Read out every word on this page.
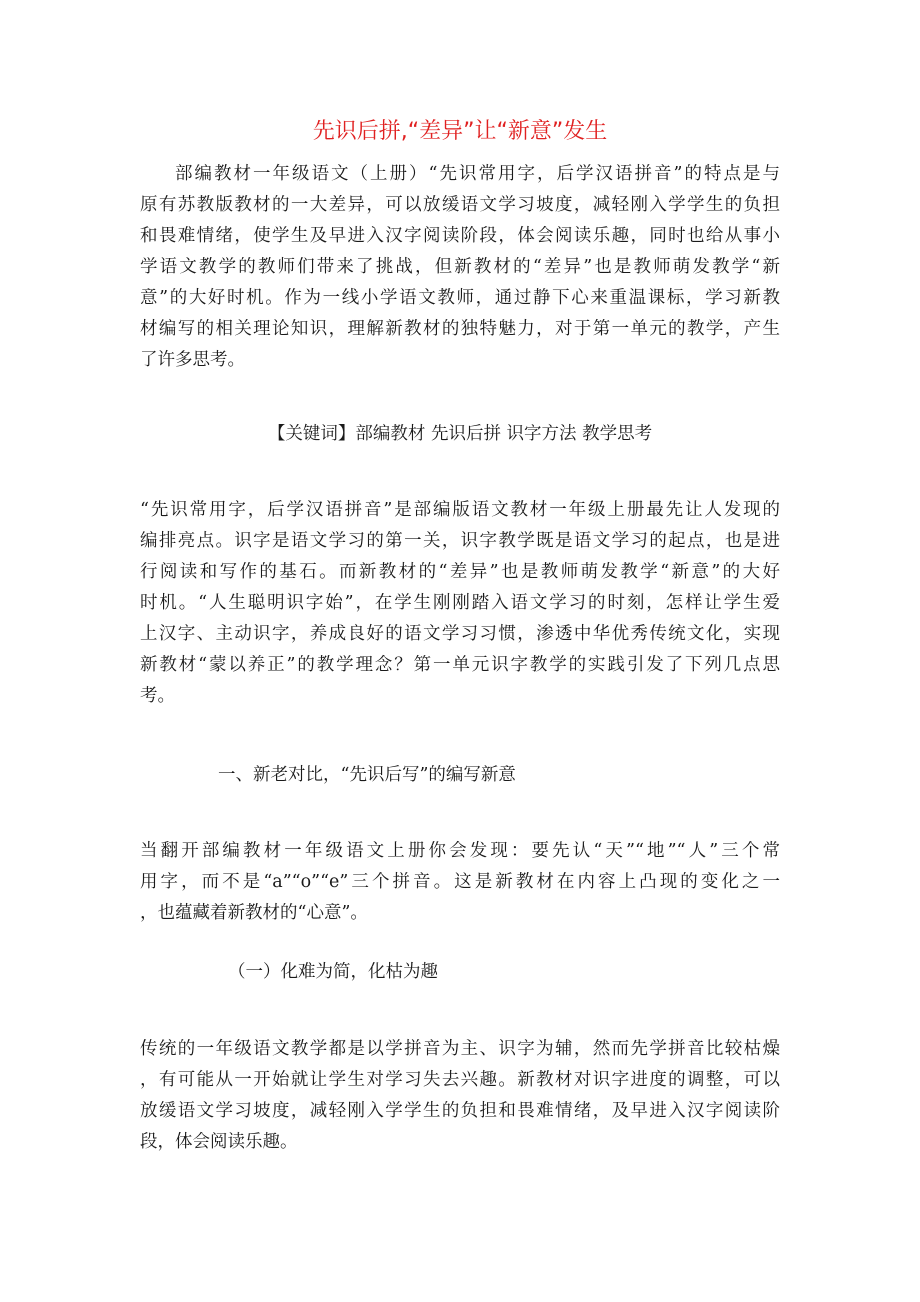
先识后拼,“差异”让“新意”发生
部编教材一年级语文（上册）“先识常用字，后学汉语拼音”的特点是与
原有苏教版教材的一大差异，可以放缓语文学习坡度，减轻刚入学学生的负担
和畏难情绪，使学生及早进入汉字阅读阶段，体会阅读乐趣，同时也给从事小
学语文教学的教师们带来了挑战，但新教材的“差异”也是教师萌发教学“新
意”的大好时机。作为一线小学语文教师，通过静下心来重温课标，学习新教
材编写的相关理论知识，理解新教材的独特魅力，对于第一单元的教学，产生
了许多思考。

【关键词】部编教材 先识后拼 识字方法 教学思考

“先识常用字，后学汉语拼音”是部编版语文教材一年级上册最先让人发现的
编排亮点。识字是语文学习的第一关，识字教学既是语文学习的起点，也是进
行阅读和写作的基石。而新教材的“差异”也是教师萌发教学“新意”的大好
时机。“人生聪明识字始”，在学生刚刚踏入语文学习的时刻，怎样让学生爱
上汉字、主动识字，养成良好的语文学习习惯，渗透中华优秀传统文化，实现
新教材“蒙以养正”的教学理念？第一单元识字教学的实践引发了下列几点思
考。

一、新老对比，“先识后写”的编写新意

当翻开部编教材一年级语文上册你会发现：要先认“天”“地”“人”三个常
用字，而不是“a”“o”“e”三个拼音。这是新教材在内容上凸现的变化之一
，也蕴藏着新教材的“心意”。

（一）化难为简，化枯为趣

传统的一年级语文教学都是以学拼音为主、识字为辅，然而先学拼音比较枯燥
，有可能从一开始就让学生对学习失去兴趣。新教材对识字进度的调整，可以
放缓语文学习坡度，减轻刚入学学生的负担和畏难情绪，及早进入汉字阅读阶
段，体会阅读乐趣。
